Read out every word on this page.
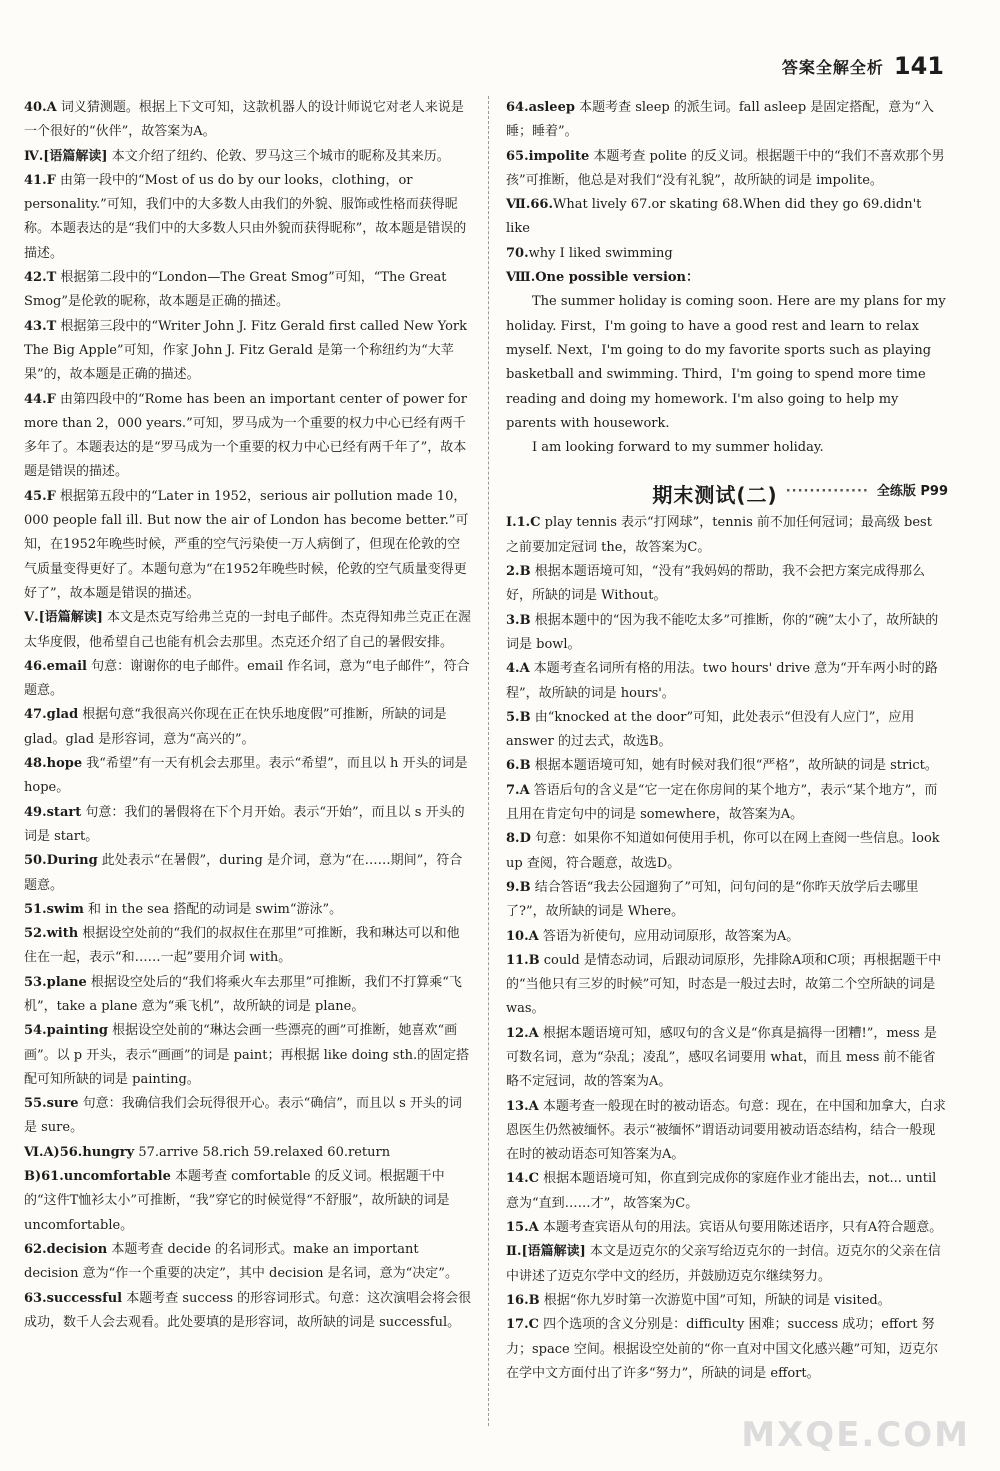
答案全解全析 141

40.A 词义猜测题。根据上下文可知，这款机器人的设计师说它对老人来说是一个很好的“伙伴”，故答案为A。

Ⅳ.[语篇解读] 本文介绍了纽约、伦敦、罗马这三个城市的昵称及其来历。

41.F 由第一段中的“Most of us do by our looks，clothing，or personality.”可知，我们中的大多数人由我们的外貌、服饰或性格而获得昵称。本题表达的是“我们中的大多数人只由外貌而获得昵称”，故本题是错误的描述。

42.T 根据第二段中的“London—The Great Smog”可知，“The Great Smog”是伦敦的昵称，故本题是正确的描述。

43.T 根据第三段中的“Writer John J. Fitz Gerald first called New York The Big Apple”可知，作家 John J. Fitz Gerald 是第一个称纽约为“大苹果”的，故本题是正确的描述。

44.F 由第四段中的“Rome has been an important center of power for more than 2，000 years.”可知，罗马成为一个重要的权力中心已经有两千多年了。本题表达的是“罗马成为一个重要的权力中心已经有两千年了”，故本题是错误的描述。

45.F 根据第五段中的“Later in 1952，serious air pollution made 10，000 people fall ill. But now the air of London has become better.”可知，在1952年晚些时候，严重的空气污染使一万人病倒了，但现在伦敦的空气质量变得更好了。本题句意为“在1952年晚些时候，伦敦的空气质量变得更好了”，故本题是错误的描述。

Ⅴ.[语篇解读] 本文是杰克写给弗兰克的一封电子邮件。杰克得知弗兰克正在渥太华度假，他希望自己也能有机会去那里。杰克还介绍了自己的暑假安排。

46.email 句意：谢谢你的电子邮件。email 作名词，意为“电子邮件”，符合题意。

47.glad 根据句意“我很高兴你现在正在快乐地度假”可推断，所缺的词是 glad。glad 是形容词，意为“高兴的”。

48.hope 我“希望”有一天有机会去那里。表示“希望”，而且以 h 开头的词是 hope。

49.start 句意：我们的暑假将在下个月开始。表示“开始”，而且以 s 开头的词是 start。

50.During 此处表示“在暑假”，during 是介词，意为“在……期间”，符合题意。

51.swim 和 in the sea 搭配的动词是 swim“游泳”。

52.with 根据设空处前的“我们的叔叔住在那里”可推断，我和琳达可以和他住在一起，表示“和……一起”要用介词 with。

53.plane 根据设空处后的“我们将乘火车去那里”可推断，我们不打算乘“飞机”，take a plane 意为“乘飞机”，故所缺的词是 plane。

54.painting 根据设空处前的“琳达会画一些漂亮的画”可推断，她喜欢“画画”。以 p 开头，表示“画画”的词是 paint；再根据 like doing sth.的固定搭配可知所缺的词是 painting。

55.sure 句意：我确信我们会玩得很开心。表示“确信”，而且以 s 开头的词是 sure。

Ⅵ.A)56.hungry 57.arrive 58.rich 59.relaxed 60.return

B)61.uncomfortable 本题考查 comfortable 的反义词。根据题干中的“这件T恤衫太小”可推断，“我”穿它的时候觉得“不舒服”，故所缺的词是 uncomfortable。

62.decision 本题考查 decide 的名词形式。make an important decision 意为“作一个重要的决定”，其中 decision 是名词，意为“决定”。

63.successful 本题考查 success 的形容词形式。句意：这次演唱会将会很成功，数千人会去观看。此处要填的是形容词，故所缺的词是 successful。

64.asleep 本题考查 sleep 的派生词。fall asleep 是固定搭配，意为“入睡；睡着”。

65.impolite 本题考查 polite 的反义词。根据题干中的“我们不喜欢那个男孩”可推断，他总是对我们“没有礼貌”，故所缺的词是 impolite。

Ⅶ.66.What lively 67.or skating 68.When did they go 69.didn't like

70.why I liked swimming

Ⅷ.One possible version：

The summer holiday is coming soon. Here are my plans for my holiday. First，I'm going to have a good rest and learn to relax myself. Next，I'm going to do my favorite sports such as playing basketball and swimming. Third，I'm going to spend more time reading and doing my homework. I'm also going to help my parents with housework.

I am looking forward to my summer holiday.

期末测试(二) ·············· 全练版 P99

Ⅰ.1.C play tennis 表示“打网球”，tennis 前不加任何冠词；最高级 best 之前要加定冠词 the，故答案为C。

2.B 根据本题语境可知，“没有”我妈妈的帮助，我不会把方案完成得那么好，所缺的词是 Without。

3.B 根据本题中的“因为我不能吃太多”可推断，你的“碗”太小了，故所缺的词是 bowl。

4.A 本题考查名词所有格的用法。two hours' drive 意为“开车两小时的路程”，故所缺的词是 hours'。

5.B 由“knocked at the door”可知，此处表示“但没有人应门”，应用 answer 的过去式，故选B。

6.B 根据本题语境可知，她有时候对我们很“严格”，故所缺的词是 strict。

7.A 答语后句的含义是“它一定在你房间的某个地方”，表示“某个地方”，而且用在肯定句中的词是 somewhere，故答案为A。

8.D 句意：如果你不知道如何使用手机，你可以在网上查阅一些信息。look up 查阅，符合题意，故选D。

9.B 结合答语“我去公园遛狗了”可知，问句问的是“你昨天放学后去哪里了?”，故所缺的词是 Where。

10.A 答语为祈使句，应用动词原形，故答案为A。

11.B could 是情态动词，后跟动词原形，先排除A项和C项；再根据题干中的“当他只有三岁的时候”可知，时态是一般过去时，故第二个空所缺的词是 was。

12.A 根据本题语境可知，感叹句的含义是“你真是搞得一团糟!”，mess 是可数名词，意为“杂乱；凌乱”，感叹名词要用 what，而且 mess 前不能省略不定冠词，故的答案为A。

13.A 本题考查一般现在时的被动语态。句意：现在，在中国和加拿大，白求恩医生仍然被缅怀。表示“被缅怀”谓语动词要用被动语态结构，结合一般现在时的被动语态可知答案为A。

14.C 根据本题语境可知，你直到完成你的家庭作业才能出去，not... until 意为“直到……才”，故答案为C。

15.A 本题考查宾语从句的用法。宾语从句要用陈述语序，只有A符合题意。

Ⅱ.[语篇解读] 本文是迈克尔的父亲写给迈克尔的一封信。迈克尔的父亲在信中讲述了迈克尔学中文的经历，并鼓励迈克尔继续努力。

16.B 根据“你九岁时第一次游览中国”可知，所缺的词是 visited。

17.C 四个选项的含义分别是：difficulty 困难；success 成功；effort 努力；space 空间。根据设空处前的“你一直对中国文化感兴趣”可知，迈克尔在学中文方面付出了许多“努力”，所缺的词是 effort。

MXQE.COM
